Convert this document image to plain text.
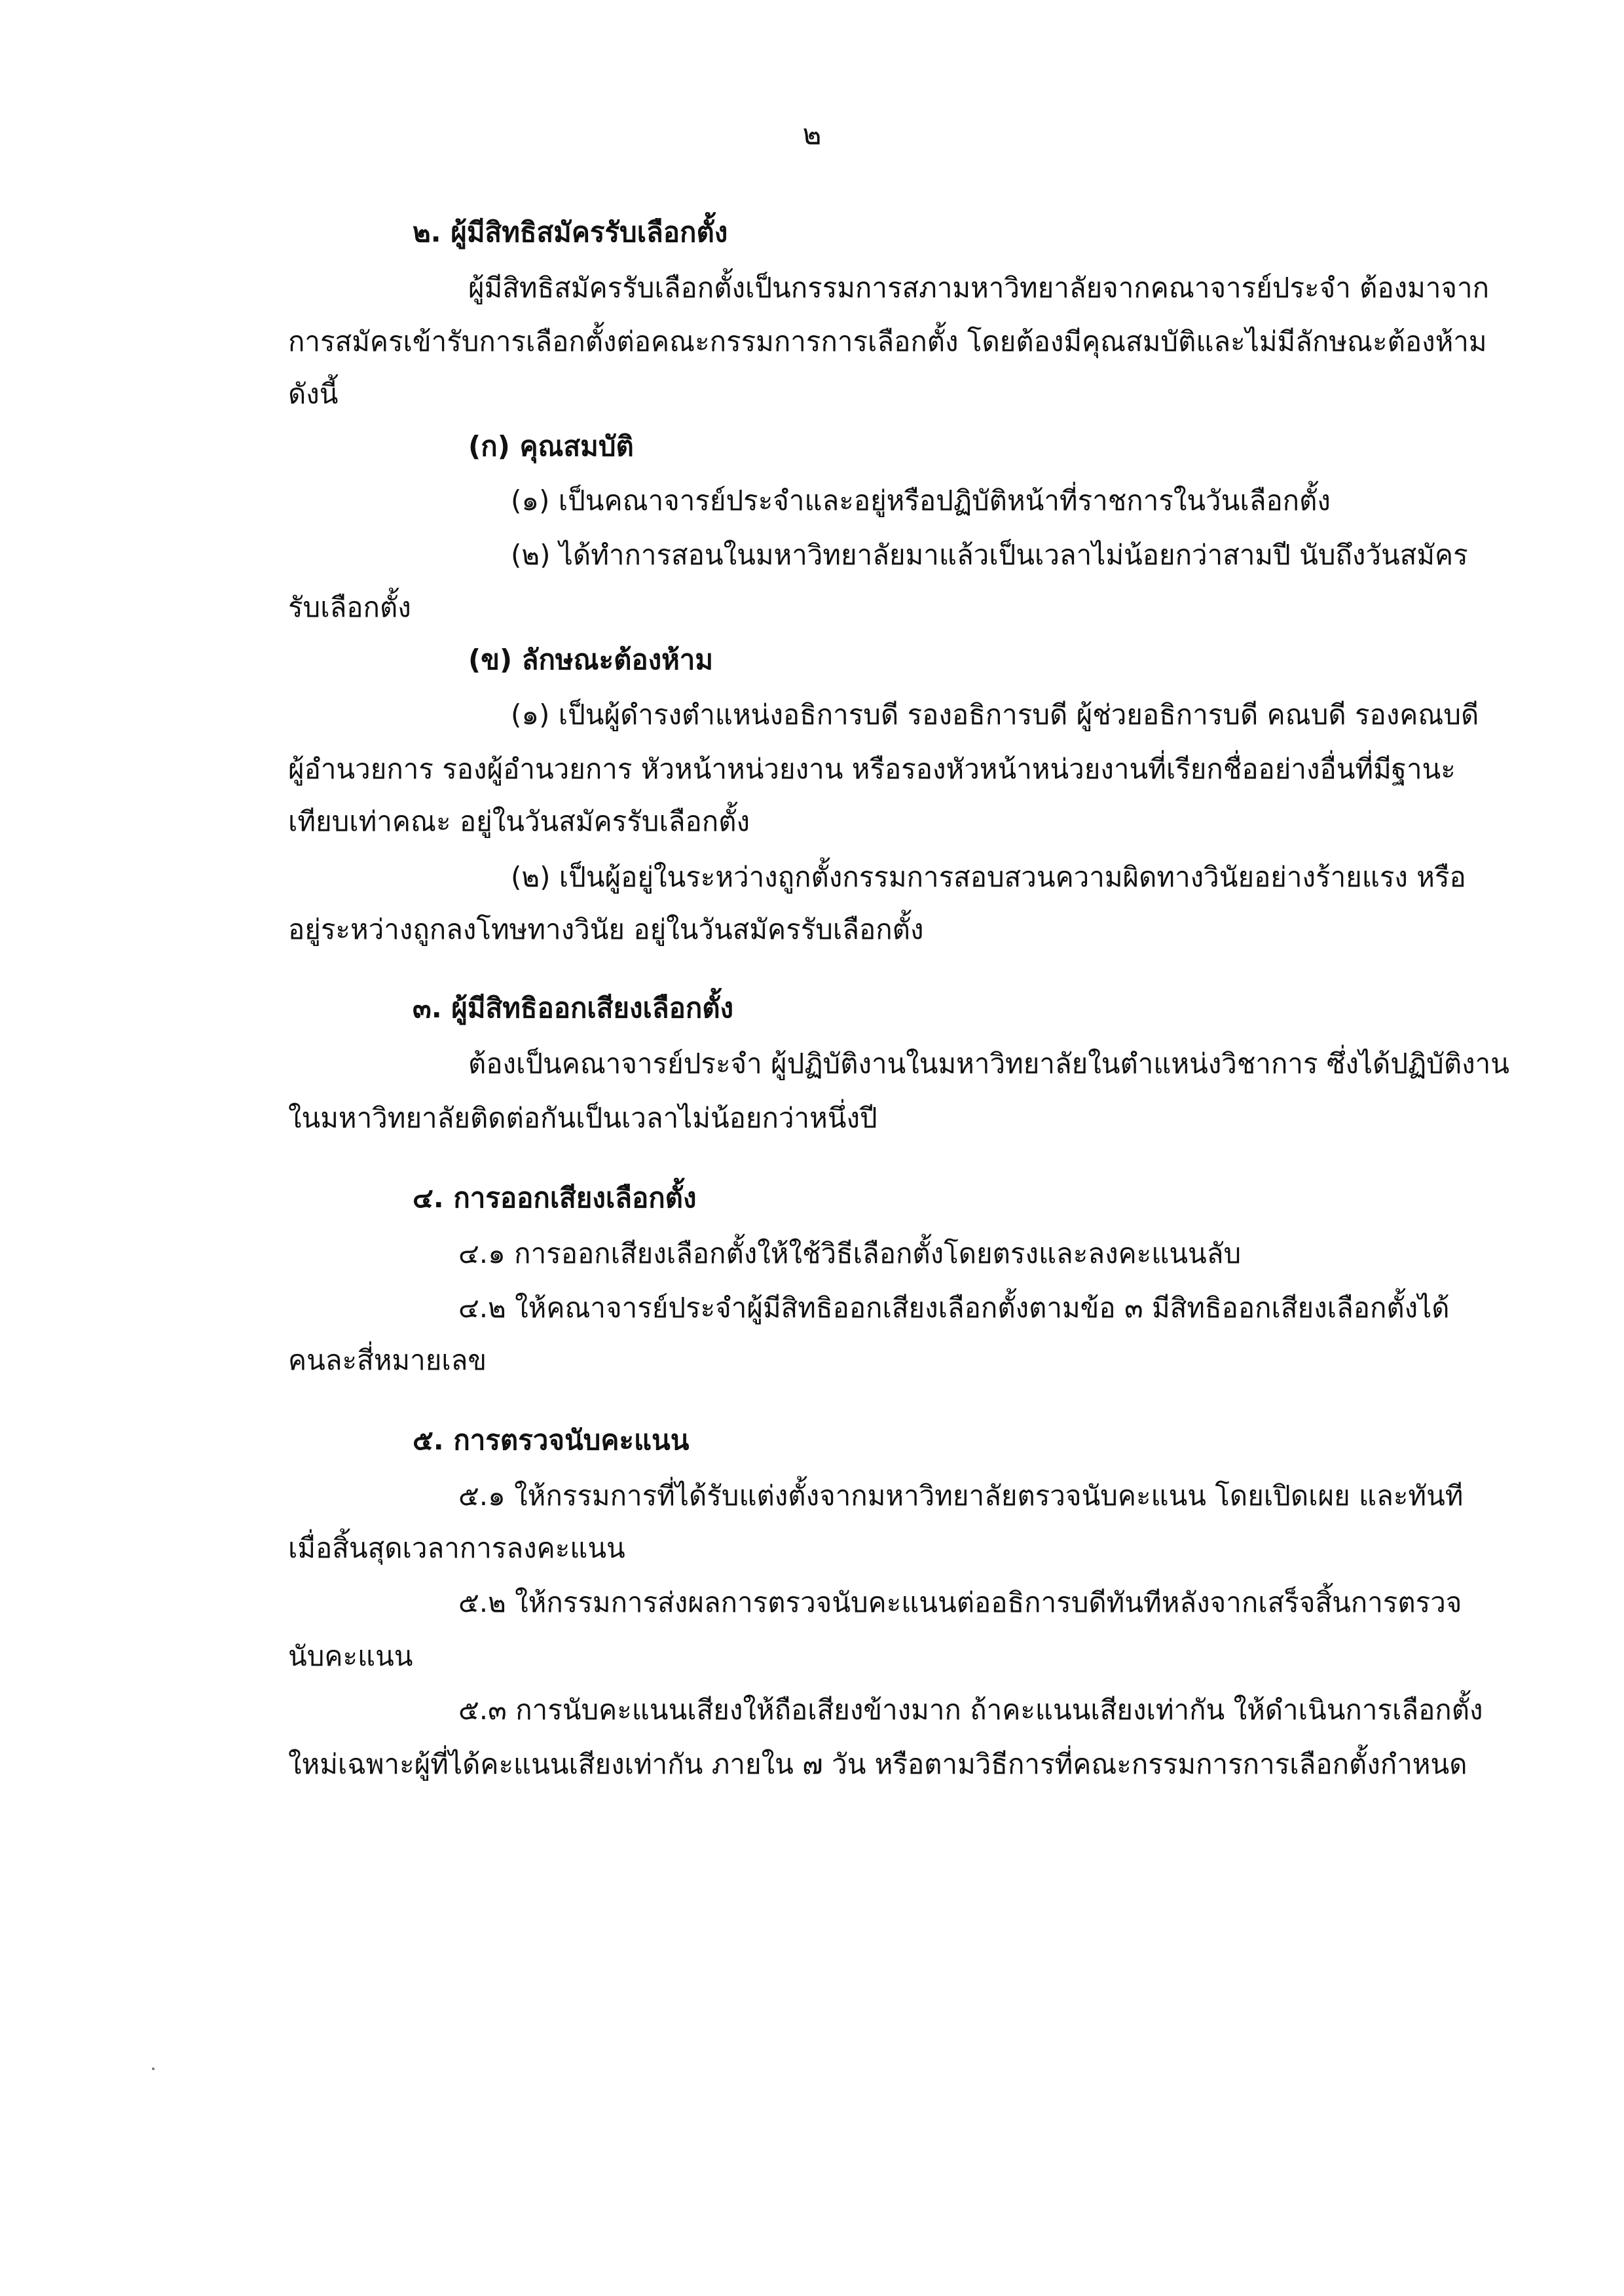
๒
๒. ผู้มีสิทธิสมัครรับเลือกตั้ง
ผู้มีสิทธิสมัครรับเลือกตั้งเป็นกรรมการสภามหาวิทยาลัยจากคณาจารย์ประจำ ต้องมาจาก
การสมัครเข้ารับการเลือกตั้งต่อคณะกรรมการการเลือกตั้ง โดยต้องมีคุณสมบัติและไม่มีลักษณะต้องห้าม
ดังนี้
(ก) คุณสมบัติ
(๑) เป็นคณาจารย์ประจำและอยู่หรือปฏิบัติหน้าที่ราชการในวันเลือกตั้ง
(๒) ได้ทำการสอนในมหาวิทยาลัยมาแล้วเป็นเวลาไม่น้อยกว่าสามปี นับถึงวันสมัคร
รับเลือกตั้ง
(ข) ลักษณะต้องห้าม
(๑) เป็นผู้ดำรงตำแหน่งอธิการบดี รองอธิการบดี ผู้ช่วยอธิการบดี คณบดี รองคณบดี
ผู้อำนวยการ รองผู้อำนวยการ หัวหน้าหน่วยงาน หรือรองหัวหน้าหน่วยงานที่เรียกชื่ออย่างอื่นที่มีฐานะ
เทียบเท่าคณะ อยู่ในวันสมัครรับเลือกตั้ง
(๒) เป็นผู้อยู่ในระหว่างถูกตั้งกรรมการสอบสวนความผิดทางวินัยอย่างร้ายแรง หรือ
อยู่ระหว่างถูกลงโทษทางวินัย อยู่ในวันสมัครรับเลือกตั้ง
๓. ผู้มีสิทธิออกเสียงเลือกตั้ง
ต้องเป็นคณาจารย์ประจำ ผู้ปฏิบัติงานในมหาวิทยาลัยในตำแหน่งวิชาการ ซึ่งได้ปฏิบัติงาน
ในมหาวิทยาลัยติดต่อกันเป็นเวลาไม่น้อยกว่าหนึ่งปี
๔. การออกเสียงเลือกตั้ง
๔.๑ การออกเสียงเลือกตั้งให้ใช้วิธีเลือกตั้งโดยตรงและลงคะแนนลับ
๔.๒ ให้คณาจารย์ประจำผู้มีสิทธิออกเสียงเลือกตั้งตามข้อ ๓ มีสิทธิออกเสียงเลือกตั้งได้
คนละสี่หมายเลข
๕. การตรวจนับคะแนน
๕.๑ ให้กรรมการที่ได้รับแต่งตั้งจากมหาวิทยาลัยตรวจนับคะแนน โดยเปิดเผย และทันที
เมื่อสิ้นสุดเวลาการลงคะแนน
๕.๒ ให้กรรมการส่งผลการตรวจนับคะแนนต่ออธิการบดีทันทีหลังจากเสร็จสิ้นการตรวจ
นับคะแนน
๕.๓ การนับคะแนนเสียงให้ถือเสียงข้างมาก ถ้าคะแนนเสียงเท่ากัน ให้ดำเนินการเลือกตั้ง
ใหม่เฉพาะผู้ที่ได้คะแนนเสียงเท่ากัน ภายใน ๗ วัน หรือตามวิธีการที่คณะกรรมการการเลือกตั้งกำหนด
